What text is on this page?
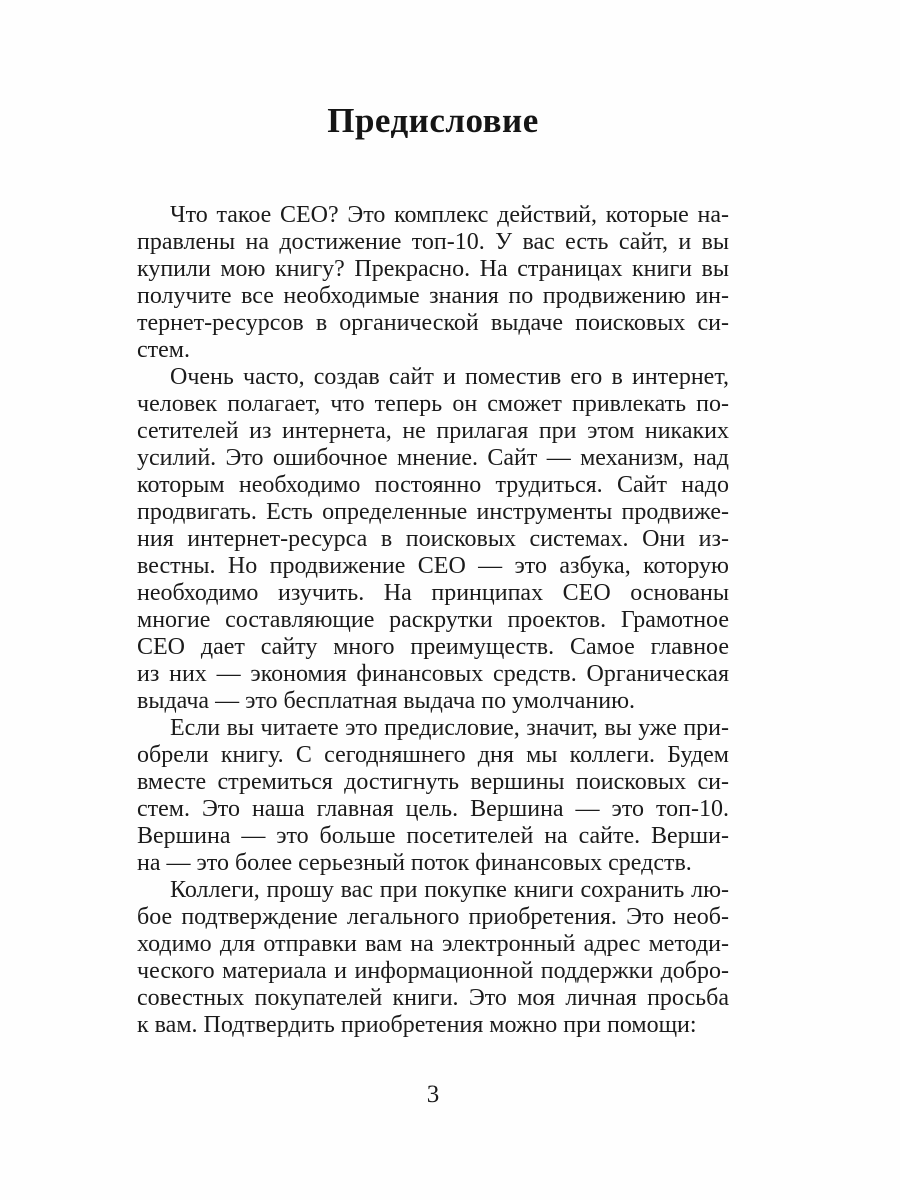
Предисловие
Что такое СЕО? Это комплекс действий, которые на-
правлены на достижение топ-10. У вас есть сайт, и вы
купили мою книгу? Прекрасно. На страницах книги вы
получите все необходимые знания по продвижению ин-
тернет-ресурсов в органической выдаче поисковых си-
стем.
Очень часто, создав сайт и поместив его в интернет,
человек полагает, что теперь он сможет привлекать по-
сетителей из интернета, не прилагая при этом никаких
усилий. Это ошибочное мнение. Сайт — механизм, над
которым необходимо постоянно трудиться. Сайт надо
продвигать. Есть определенные инструменты продвиже-
ния интернет-ресурса в поисковых системах. Они из-
вестны. Но продвижение СЕО — это азбука, которую
необходимо изучить. На принципах СЕО основаны
многие составляющие раскрутки проектов. Грамотное
СЕО дает сайту много преимуществ. Самое главное
из них — экономия финансовых средств. Органическая
выдача — это бесплатная выдача по умолчанию.
Если вы читаете это предисловие, значит, вы уже при-
обрели книгу. С сегодняшнего дня мы коллеги. Будем
вместе стремиться достигнуть вершины поисковых си-
стем. Это наша главная цель. Вершина — это топ-10.
Вершина — это больше посетителей на сайте. Верши-
на — это более серьезный поток финансовых средств.
Коллеги, прошу вас при покупке книги сохранить лю-
бое подтверждение легального приобретения. Это необ-
ходимо для отправки вам на электронный адрес методи-
ческого материала и информационной поддержки добро-
совестных покупателей книги. Это моя личная просьба
к вам. Подтвердить приобретения можно при помощи:
3
